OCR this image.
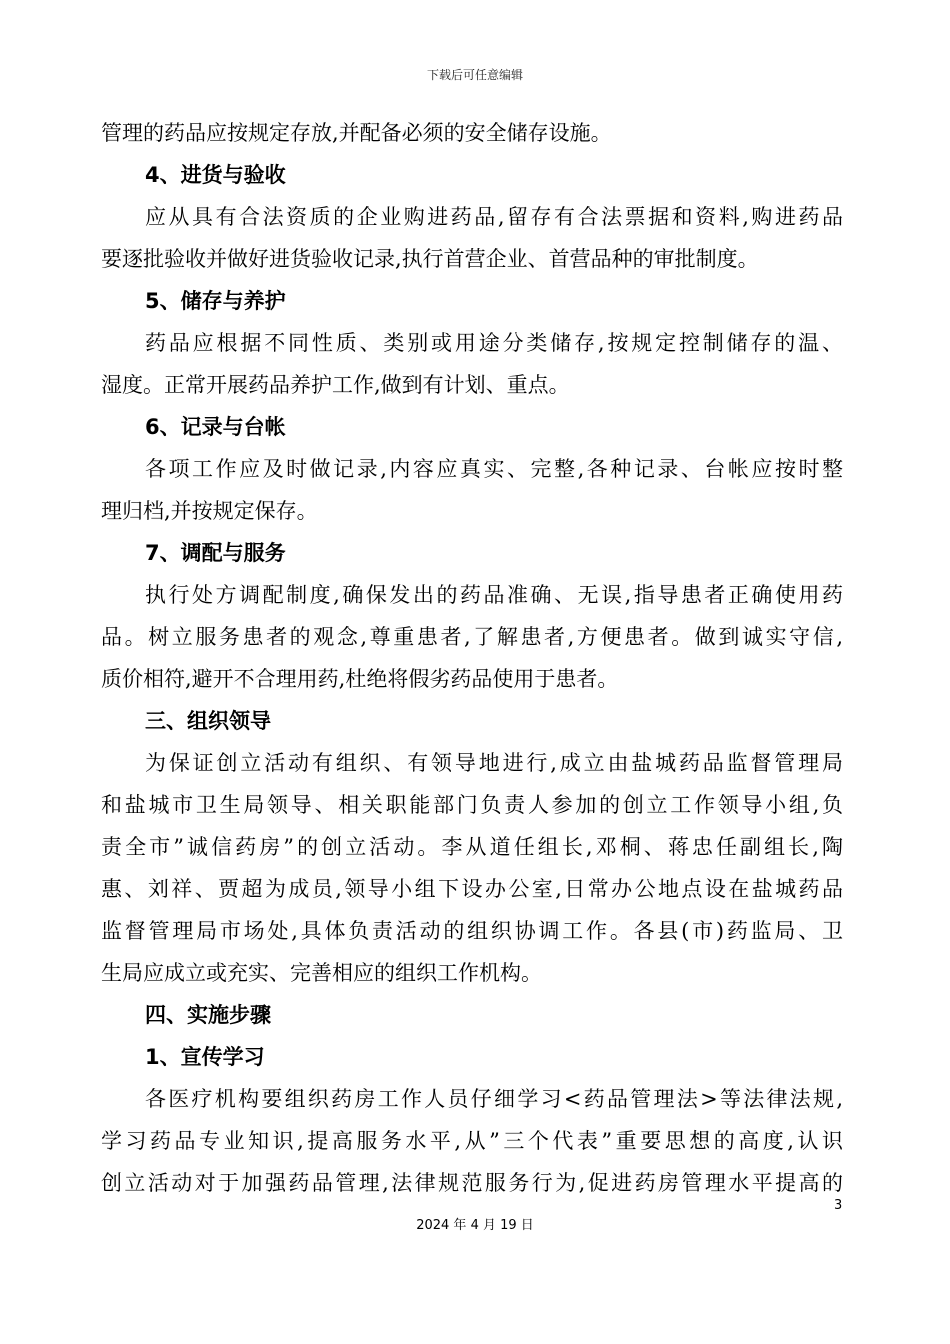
下载后可任意编辑
管理的药品应按规定存放,并配备必须的安全储存设施。
4、进货与验收
应从具有合法资质的企业购进药品,留存有合法票据和资料,购进药品
要逐批验收并做好进货验收记录,执行首营企业、首营品种的审批制度。
5、储存与养护
药品应根据不同性质、类别或用途分类储存,按规定控制储存的温、
湿度。正常开展药品养护工作,做到有计划、重点。
6、记录与台帐
各项工作应及时做记录,内容应真实、完整,各种记录、台帐应按时整
理归档,并按规定保存。
7、调配与服务
执行处方调配制度,确保发出的药品准确、无误,指导患者正确使用药
品。树立服务患者的观念,尊重患者,了解患者,方便患者。做到诚实守信,
质价相符,避开不合理用药,杜绝将假劣药品使用于患者。
三、组织领导
为保证创立活动有组织、有领导地进行,成立由盐城药品监督管理局
和盐城市卫生局领导、相关职能部门负责人参加的创立工作领导小组,负
责全市”诚信药房”的创立活动。李从道任组长,邓桐、蒋忠任副组长,陶
惠、刘祥、贾超为成员,领导小组下设办公室,日常办公地点设在盐城药品
监督管理局市场处,具体负责活动的组织协调工作。各县(市)药监局、卫
生局应成立或充实、完善相应的组织工作机构。
四、实施步骤
1、宣传学习
各医疗机构要组织药房工作人员仔细学习<药品管理法>等法律法规,
学习药品专业知识,提高服务水平,从”三个代表”重要思想的高度,认识
创立活动对于加强药品管理,法律规范服务行为,促进药房管理水平提高的
3
2024 年 4 月 19 日
